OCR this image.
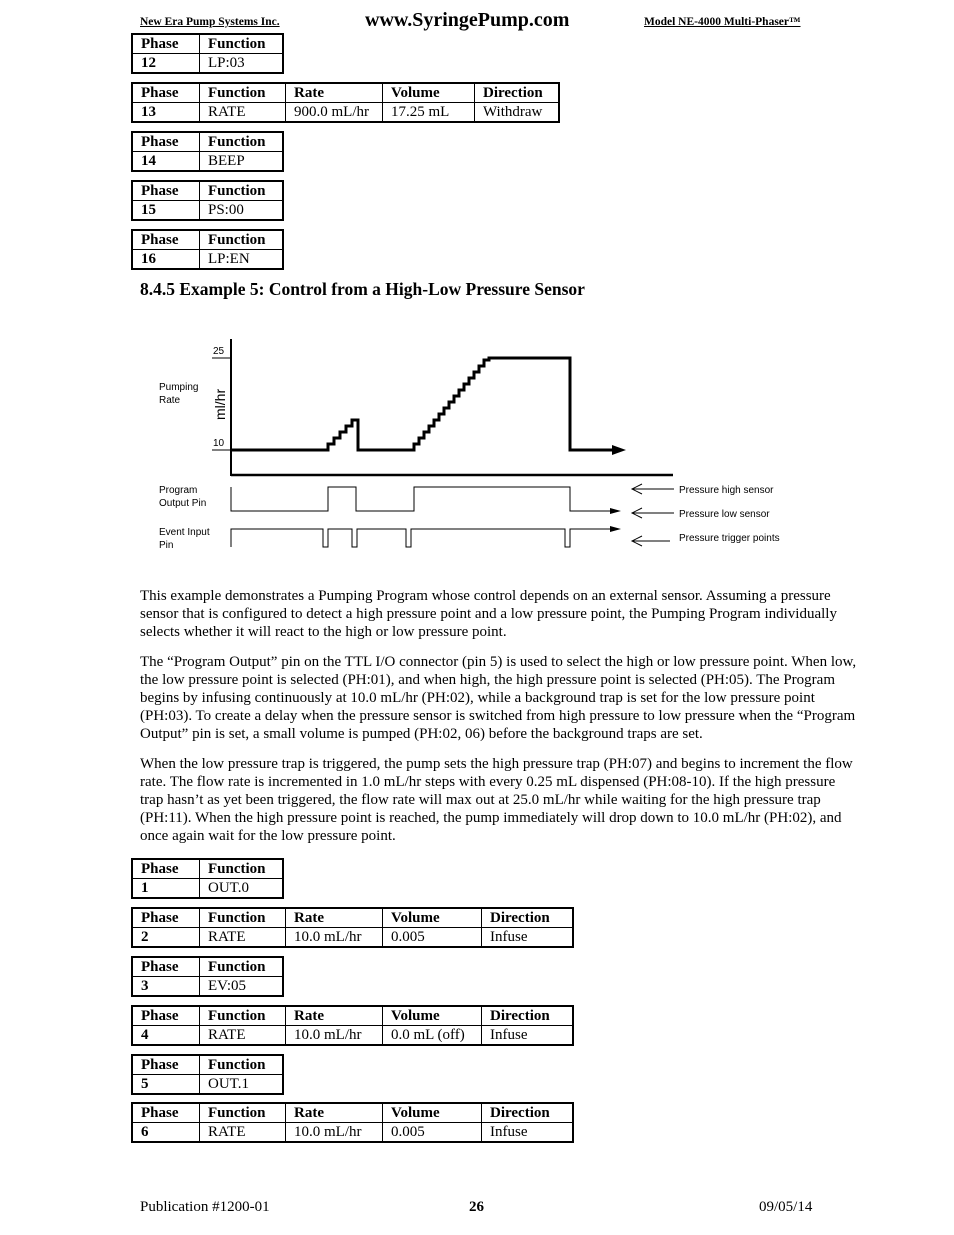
New Era Pump Systems Inc.	www.SyringePump.com	Model NE-4000 Multi-Phaser™
Phase	Function
12	LP:03
Phase	Function	Rate	Volume	Direction
13	RATE	900.0 mL/hr	17.25 mL	Withdraw
Phase	Function
14	BEEP
Phase	Function
15	PS:00
Phase	Function
16	LP:EN
8.4.5 Example 5: Control from a High-Low Pressure Sensor
25
10
ml/hr
Pumping
Rate
Program
Output Pin
Event Input
Pin
Pressure high sensor
Pressure low sensor
Pressure trigger points

This example demonstrates a Pumping Program whose control depends on an external sensor. Assuming a pressure sensor that is configured to detect a high pressure point and a low pressure point, the Pumping Program individually selects whether it will react to the high or low pressure point.

The “Program Output” pin on the TTL I/O connector (pin 5) is used to select the high or low pressure point. When low, the low pressure point is selected (PH:01), and when high, the high pressure point is selected (PH:05). The Program begins by infusing continuously at 10.0 mL/hr (PH:02), while a background trap is set for the low pressure point (PH:03). To create a delay when the pressure sensor is switched from high pressure to low pressure when the “Program Output” pin is set, a small volume is pumped (PH:02, 06) before the background traps are set.

When the low pressure trap is triggered, the pump sets the high pressure trap (PH:07) and begins to increment the flow rate. The flow rate is incremented in 1.0 mL/hr steps with every 0.25 mL dispensed (PH:08-10). If the high pressure trap hasn’t as yet been triggered, the flow rate will max out at 25.0 mL/hr while waiting for the high pressure trap (PH:11). When the high pressure point is reached, the pump immediately will drop down to 10.0 mL/hr (PH:02), and once again wait for the low pressure point.

Phase	Function
1	OUT.0
Phase	Function	Rate	Volume	Direction
2	RATE	10.0 mL/hr	0.005	Infuse
Phase	Function
3	EV:05
Phase	Function	Rate	Volume	Direction
4	RATE	10.0 mL/hr	0.0 mL (off)	Infuse
Phase	Function
5	OUT.1
Phase	Function	Rate	Volume	Direction
6	RATE	10.0 mL/hr	0.005	Infuse
Publication #1200-01	26	09/05/14
